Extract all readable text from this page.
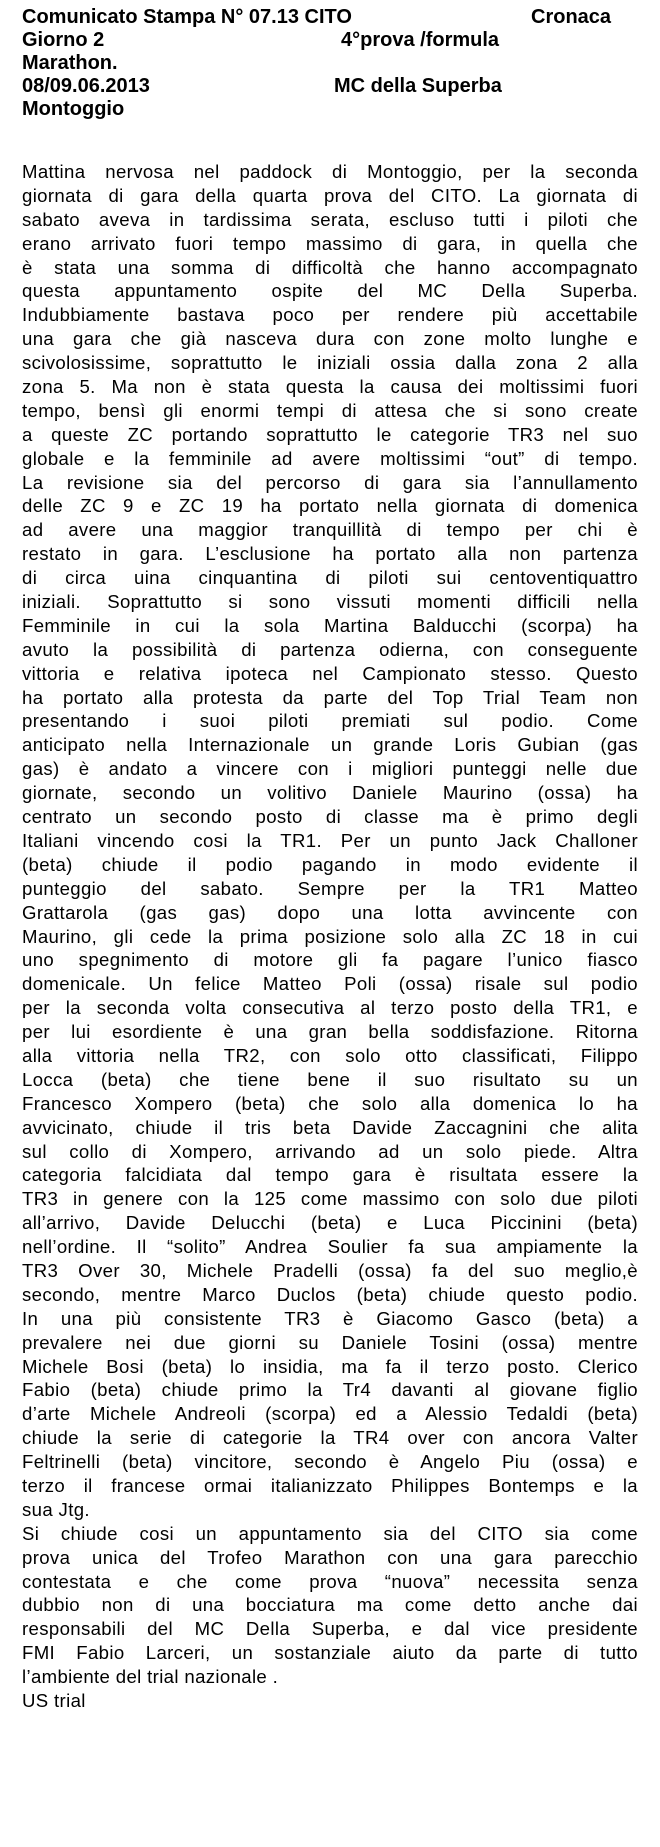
Comunicato Stampa N° 07.13 CITO	Cronaca
Giorno 2	4°prova /formula
Marathon.
08/09.06.2013	MC della Superba
Montoggio
Mattina nervosa nel paddock di Montoggio, per la seconda
giornata di gara della quarta prova del CITO. La giornata di
sabato aveva in tardissima serata, escluso tutti i piloti che
erano arrivato fuori tempo massimo di gara, in quella che
è stata una somma di difficoltà che hanno accompagnato
questa appuntamento ospite del MC Della Superba.
Indubbiamente bastava poco per rendere più accettabile
una gara che già nasceva dura con zone molto lunghe e
scivolosissime, soprattutto le iniziali ossia dalla zona 2 alla
zona 5. Ma non è stata questa la causa dei moltissimi fuori
tempo, bensì gli enormi tempi di attesa che si sono create
a queste ZC portando soprattutto le categorie TR3 nel suo
globale e la femminile ad avere moltissimi “out” di tempo.
La revisione sia del percorso di gara sia l’annullamento
delle ZC 9 e ZC 19 ha portato nella giornata di domenica
ad avere una maggior tranquillità di tempo per chi è
restato in gara. L’esclusione ha portato alla non partenza
di circa uina cinquantina di piloti sui centoventiquattro
iniziali. Soprattutto si sono vissuti momenti difficili nella
Femminile in cui la sola Martina Balducchi (scorpa) ha
avuto la possibilità di partenza odierna, con conseguente
vittoria e relativa ipoteca nel Campionato stesso. Questo
ha portato alla protesta da parte del Top Trial Team non
presentando i suoi piloti premiati sul podio. Come
anticipato nella Internazionale un grande Loris Gubian (gas
gas) è andato a vincere con i migliori punteggi nelle due
giornate, secondo un volitivo Daniele Maurino (ossa) ha
centrato un secondo posto di classe ma è primo degli
Italiani vincendo cosi la TR1. Per un punto Jack Challoner
(beta) chiude il podio pagando in modo evidente il
punteggio del sabato. Sempre per la TR1 Matteo
Grattarola (gas gas) dopo una lotta avvincente con
Maurino, gli cede la prima posizione solo alla ZC 18 in cui
uno spegnimento di motore gli fa pagare l’unico fiasco
domenicale. Un felice Matteo Poli (ossa) risale sul podio
per la seconda volta consecutiva al terzo posto della TR1, e
per lui esordiente è una gran bella soddisfazione. Ritorna
alla vittoria nella TR2, con solo otto classificati, Filippo
Locca (beta) che tiene bene il suo risultato su un
Francesco Xompero (beta) che solo alla domenica lo ha
avvicinato, chiude il tris beta Davide Zaccagnini che alita
sul collo di Xompero, arrivando ad un solo piede. Altra
categoria falcidiata dal tempo gara è risultata essere la
TR3 in genere con la 125 come massimo con solo due piloti
all’arrivo, Davide Delucchi (beta) e Luca Piccinini (beta)
nell’ordine. Il “solito” Andrea Soulier fa sua ampiamente la
TR3 Over 30, Michele Pradelli (ossa) fa del suo meglio,è
secondo, mentre Marco Duclos (beta) chiude questo podio.
In una più consistente TR3 è Giacomo Gasco (beta) a
prevalere nei due giorni su Daniele Tosini (ossa) mentre
Michele Bosi (beta) lo insidia, ma fa il terzo posto. Clerico
Fabio (beta) chiude primo la Tr4 davanti al giovane figlio
d’arte Michele Andreoli (scorpa) ed a Alessio Tedaldi (beta)
chiude la serie di categorie la TR4 over con ancora Valter
Feltrinelli (beta) vincitore, secondo è Angelo Piu (ossa) e
terzo il francese ormai italianizzato Philippes Bontemps e la
sua Jtg.
Si chiude cosi un appuntamento sia del CITO sia come
prova unica del Trofeo Marathon con una gara parecchio
contestata e che come prova “nuova” necessita senza
dubbio non di una bocciatura ma come detto anche dai
responsabili del MC Della Superba, e dal vice presidente
FMI Fabio Larceri, un sostanziale aiuto da parte di tutto
l’ambiente del trial nazionale .
US trial
